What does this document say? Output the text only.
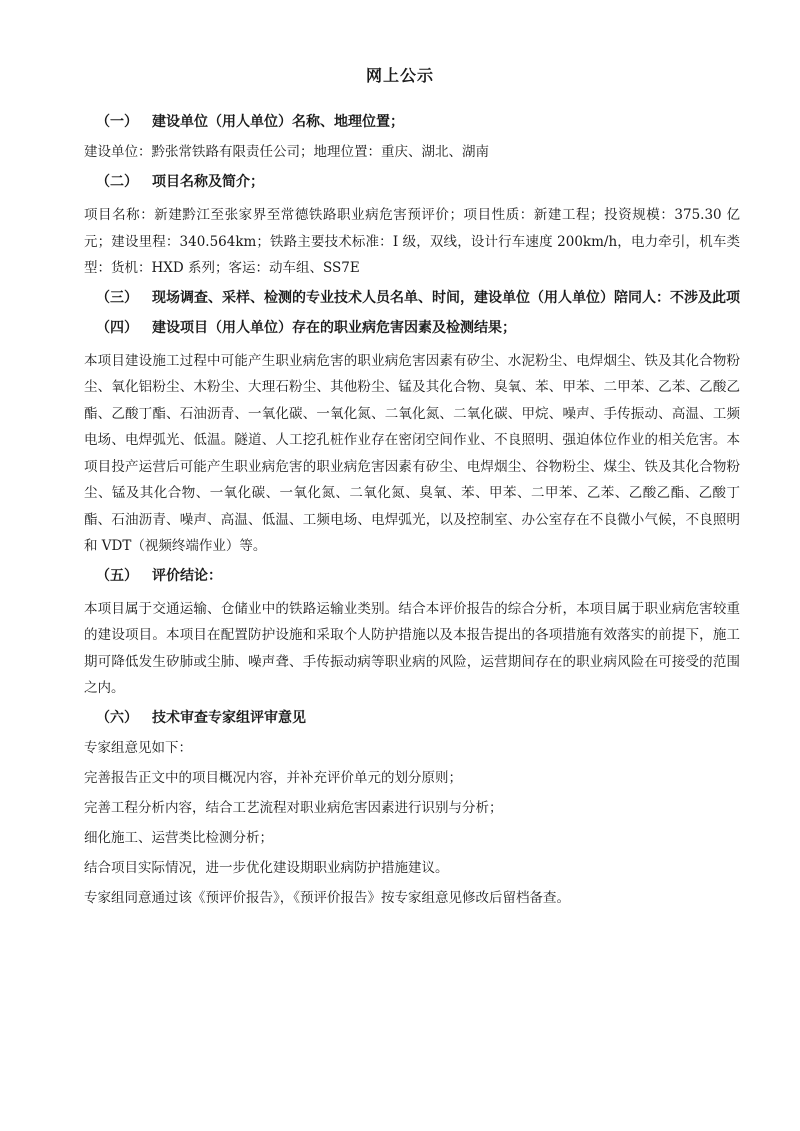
网上公示
（一） 建设单位（用人单位）名称、地理位置；
建设单位：黔张常铁路有限责任公司；地理位置：重庆、湖北、湖南
（二） 项目名称及简介；
项目名称：新建黔江至张家界至常德铁路职业病危害预评价；项目性质：新建工程；投资规模：375.30 亿元；建设里程：340.564km；铁路主要技术标准：I 级，双线，设计行车速度 200km/h，电力牵引，机车类型：货机：HXD 系列；客运：动车组、SS7E
（三） 现场调查、采样、检测的专业技术人员名单、时间，建设单位（用人单位）陪同人：不涉及此项
（四） 建设项目（用人单位）存在的职业病危害因素及检测结果；
本项目建设施工过程中可能产生职业病危害的职业病危害因素有矽尘、水泥粉尘、电焊烟尘、铁及其化合物粉尘、氧化铝粉尘、木粉尘、大理石粉尘、其他粉尘、锰及其化合物、臭氧、苯、甲苯、二甲苯、乙苯、乙酸乙酯、乙酸丁酯、石油沥青、一氧化碳、一氧化氮、二氧化氮、二氧化碳、甲烷、噪声、手传振动、高温、工频电场、电焊弧光、低温。隧道、人工挖孔桩作业存在密闭空间作业、不良照明、强迫体位作业的相关危害。本项目投产运营后可能产生职业病危害的职业病危害因素有矽尘、电焊烟尘、谷物粉尘、煤尘、铁及其化合物粉尘、锰及其化合物、一氧化碳、一氧化氮、二氧化氮、臭氧、苯、甲苯、二甲苯、乙苯、乙酸乙酯、乙酸丁酯、石油沥青、噪声、高温、低温、工频电场、电焊弧光，以及控制室、办公室存在不良微小气候，不良照明和 VDT（视频终端作业）等。
（五） 评价结论：
本项目属于交通运输、仓储业中的铁路运输业类别。结合本评价报告的综合分析，本项目属于职业病危害较重的建设项目。本项目在配置防护设施和采取个人防护措施以及本报告提出的各项措施有效落实的前提下，施工期可降低发生矽肺或尘肺、噪声聋、手传振动病等职业病的风险，运营期间存在的职业病风险在可接受的范围之内。
（六） 技术审查专家组评审意见
专家组意见如下：
完善报告正文中的项目概况内容，并补充评价单元的划分原则；
完善工程分析内容，结合工艺流程对职业病危害因素进行识别与分析；
细化施工、运营类比检测分析；
结合项目实际情况，进一步优化建设期职业病防护措施建议。
专家组同意通过该《预评价报告》，《预评价报告》按专家组意见修改后留档备查。
